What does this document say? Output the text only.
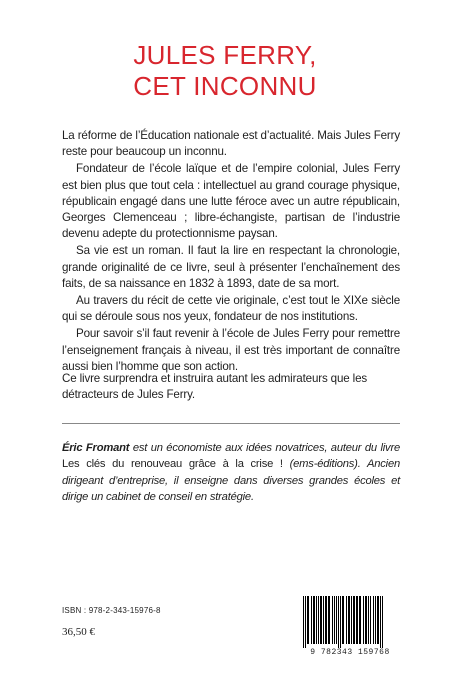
JULES FERRY,
CET INCONNU

La réforme de l’Éducation nationale est d’actualité. Mais Jules Ferry reste pour beaucoup un inconnu.

Fondateur de l’école laïque et de l’empire colonial, Jules Ferry est bien plus que tout cela : intellectuel au grand courage physique, républicain engagé dans une lutte féroce avec un autre républicain, Georges Clemenceau ; libre-échangiste, partisan de l’industrie devenu adepte du protectionnisme paysan.

Sa vie est un roman. Il faut la lire en respectant la chronologie, grande originalité de ce livre, seul à présenter l’enchaînement des faits, de sa naissance en 1832 à 1893, date de sa mort.

Au travers du récit de cette vie originale, c’est tout le XIXe siècle qui se déroule sous nos yeux, fondateur de nos institutions.

Pour savoir s’il faut revenir à l’école de Jules Ferry pour remettre l’enseignement français à niveau, il est très important de connaître aussi bien l’homme que son action.

Ce livre surprendra et instruira autant les admirateurs que les détracteurs de Jules Ferry.

Éric Fromant est un économiste aux idées novatrices, auteur du livre Les clés du renouveau grâce à la crise ! (ems-éditions). Ancien dirigeant d’entreprise, il enseigne dans diverses grandes écoles et dirige un cabinet de conseil en stratégie.

ISBN : 978-2-343-15976-8
36,50 €
9 782343 159768
